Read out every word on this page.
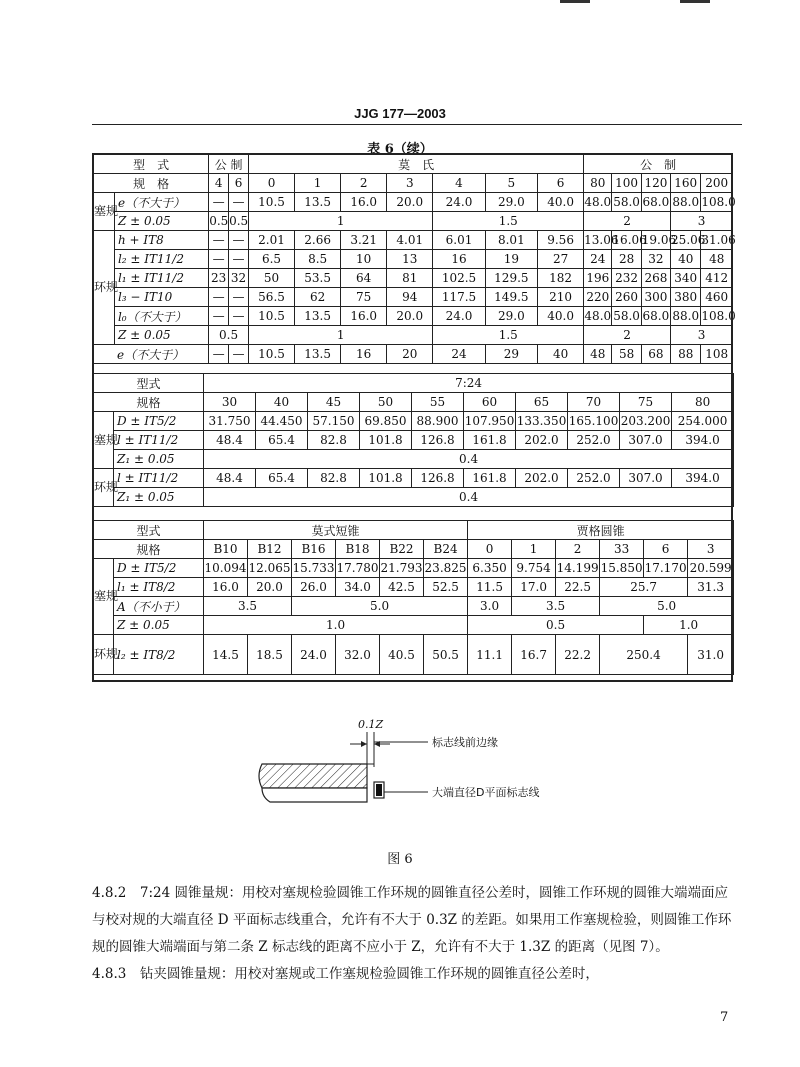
JJG 177—2003
表 6（续）
型　式		公 制		莫　氏							公　制				
规　格		4	6	0	1	2	3	4	5	6	80	100	120	160	200
塞规	e（不大于）	—	—	10.5	13.5	16.0	20.0	24.0	29.0	40.0	48.0	58.0	68.0	88.0	108.0
	Z ± 0.05	0.5	0.5	1				1.5			2			3	
环规	h + IT8	—	—	2.01	2.66	3.21	4.01	6.01	8.01	9.56	13.06	16.06	19.06	25.06	31.06
	l₂ ± IT11/2	—	—	6.5	8.5	10	13	16	19	27	24	28	32	40	48
	l₁ ± IT11/2	23	32	50	53.5	64	81	102.5	129.5	182	196	232	268	340	412
	l₃ − IT10	—	—	56.5	62	75	94	117.5	149.5	210	220	260	300	380	460
	l₀（不大于）	—	—	10.5	13.5	16.0	20.0	24.0	29.0	40.0	48.0	58.0	68.0	88.0	108.0
	Z ± 0.05	0.5		1				1.5			2			3	
e（不大于）		—	—	10.5	13.5	16	20	24	29	40	48	58	68	88	108
型式		7:24									
规格		30	40	45	50	55	60	65	70	75	80
塞规	D ± IT5/2	31.750	44.450	57.150	69.850	88.900	107.950	133.350	165.100	203.200	254.000
	l ± IT11/2	48.4	65.4	82.8	101.8	126.8	161.8	202.0	252.0	307.0	394.0
	Z₁ ± 0.05	0.4									
环规	l ± IT11/2	48.4	65.4	82.8	101.8	126.8	161.8	202.0	252.0	307.0	394.0
	Z₁ ± 0.05	0.4									
型式		莫式短锥						贾格圆锥					
规格		B10	B12	B16	B18	B22	B24	0	1	2	33	6	3
塞规	D ± IT5/2	10.094	12.065	15.733	17.780	21.793	23.825	6.350	9.754	14.199	15.850	17.170	20.599
	l₁ ± IT8/2	16.0	20.0	26.0	34.0	42.5	52.5	11.5	17.0	22.5	25.7		31.3
	A（不小于）	3.5		5.0				3.0	3.5		5.0		
	Z ± 0.05	1.0						0.5				1.0	
环规	l₂ ± IT8/2	14.5	18.5	24.0	32.0	40.5	50.5	11.1	16.7	22.2	250.4		31.0
0.1Z
标志线前边缘
大端直径D平面标志线
图 6

4.8.2　7:24 圆锥量规：用校对塞规检验圆锥工作环规的圆锥直径公差时，圆锥工作环规的圆锥大端端面应与校对规的大端直径 D 平面标志线重合，允许有不大于 0.3Z 的差距。如果用工作塞规检验，则圆锥工作环规的圆锥大端端面与第二条 Z 标志线的距离不应小于 Z，允许有不大于 1.3Z 的距离（见图 7）。

4.8.3　钻夹圆锥量规：用校对塞规或工作塞规检验圆锥工作环规的圆锥直径公差时，

7
